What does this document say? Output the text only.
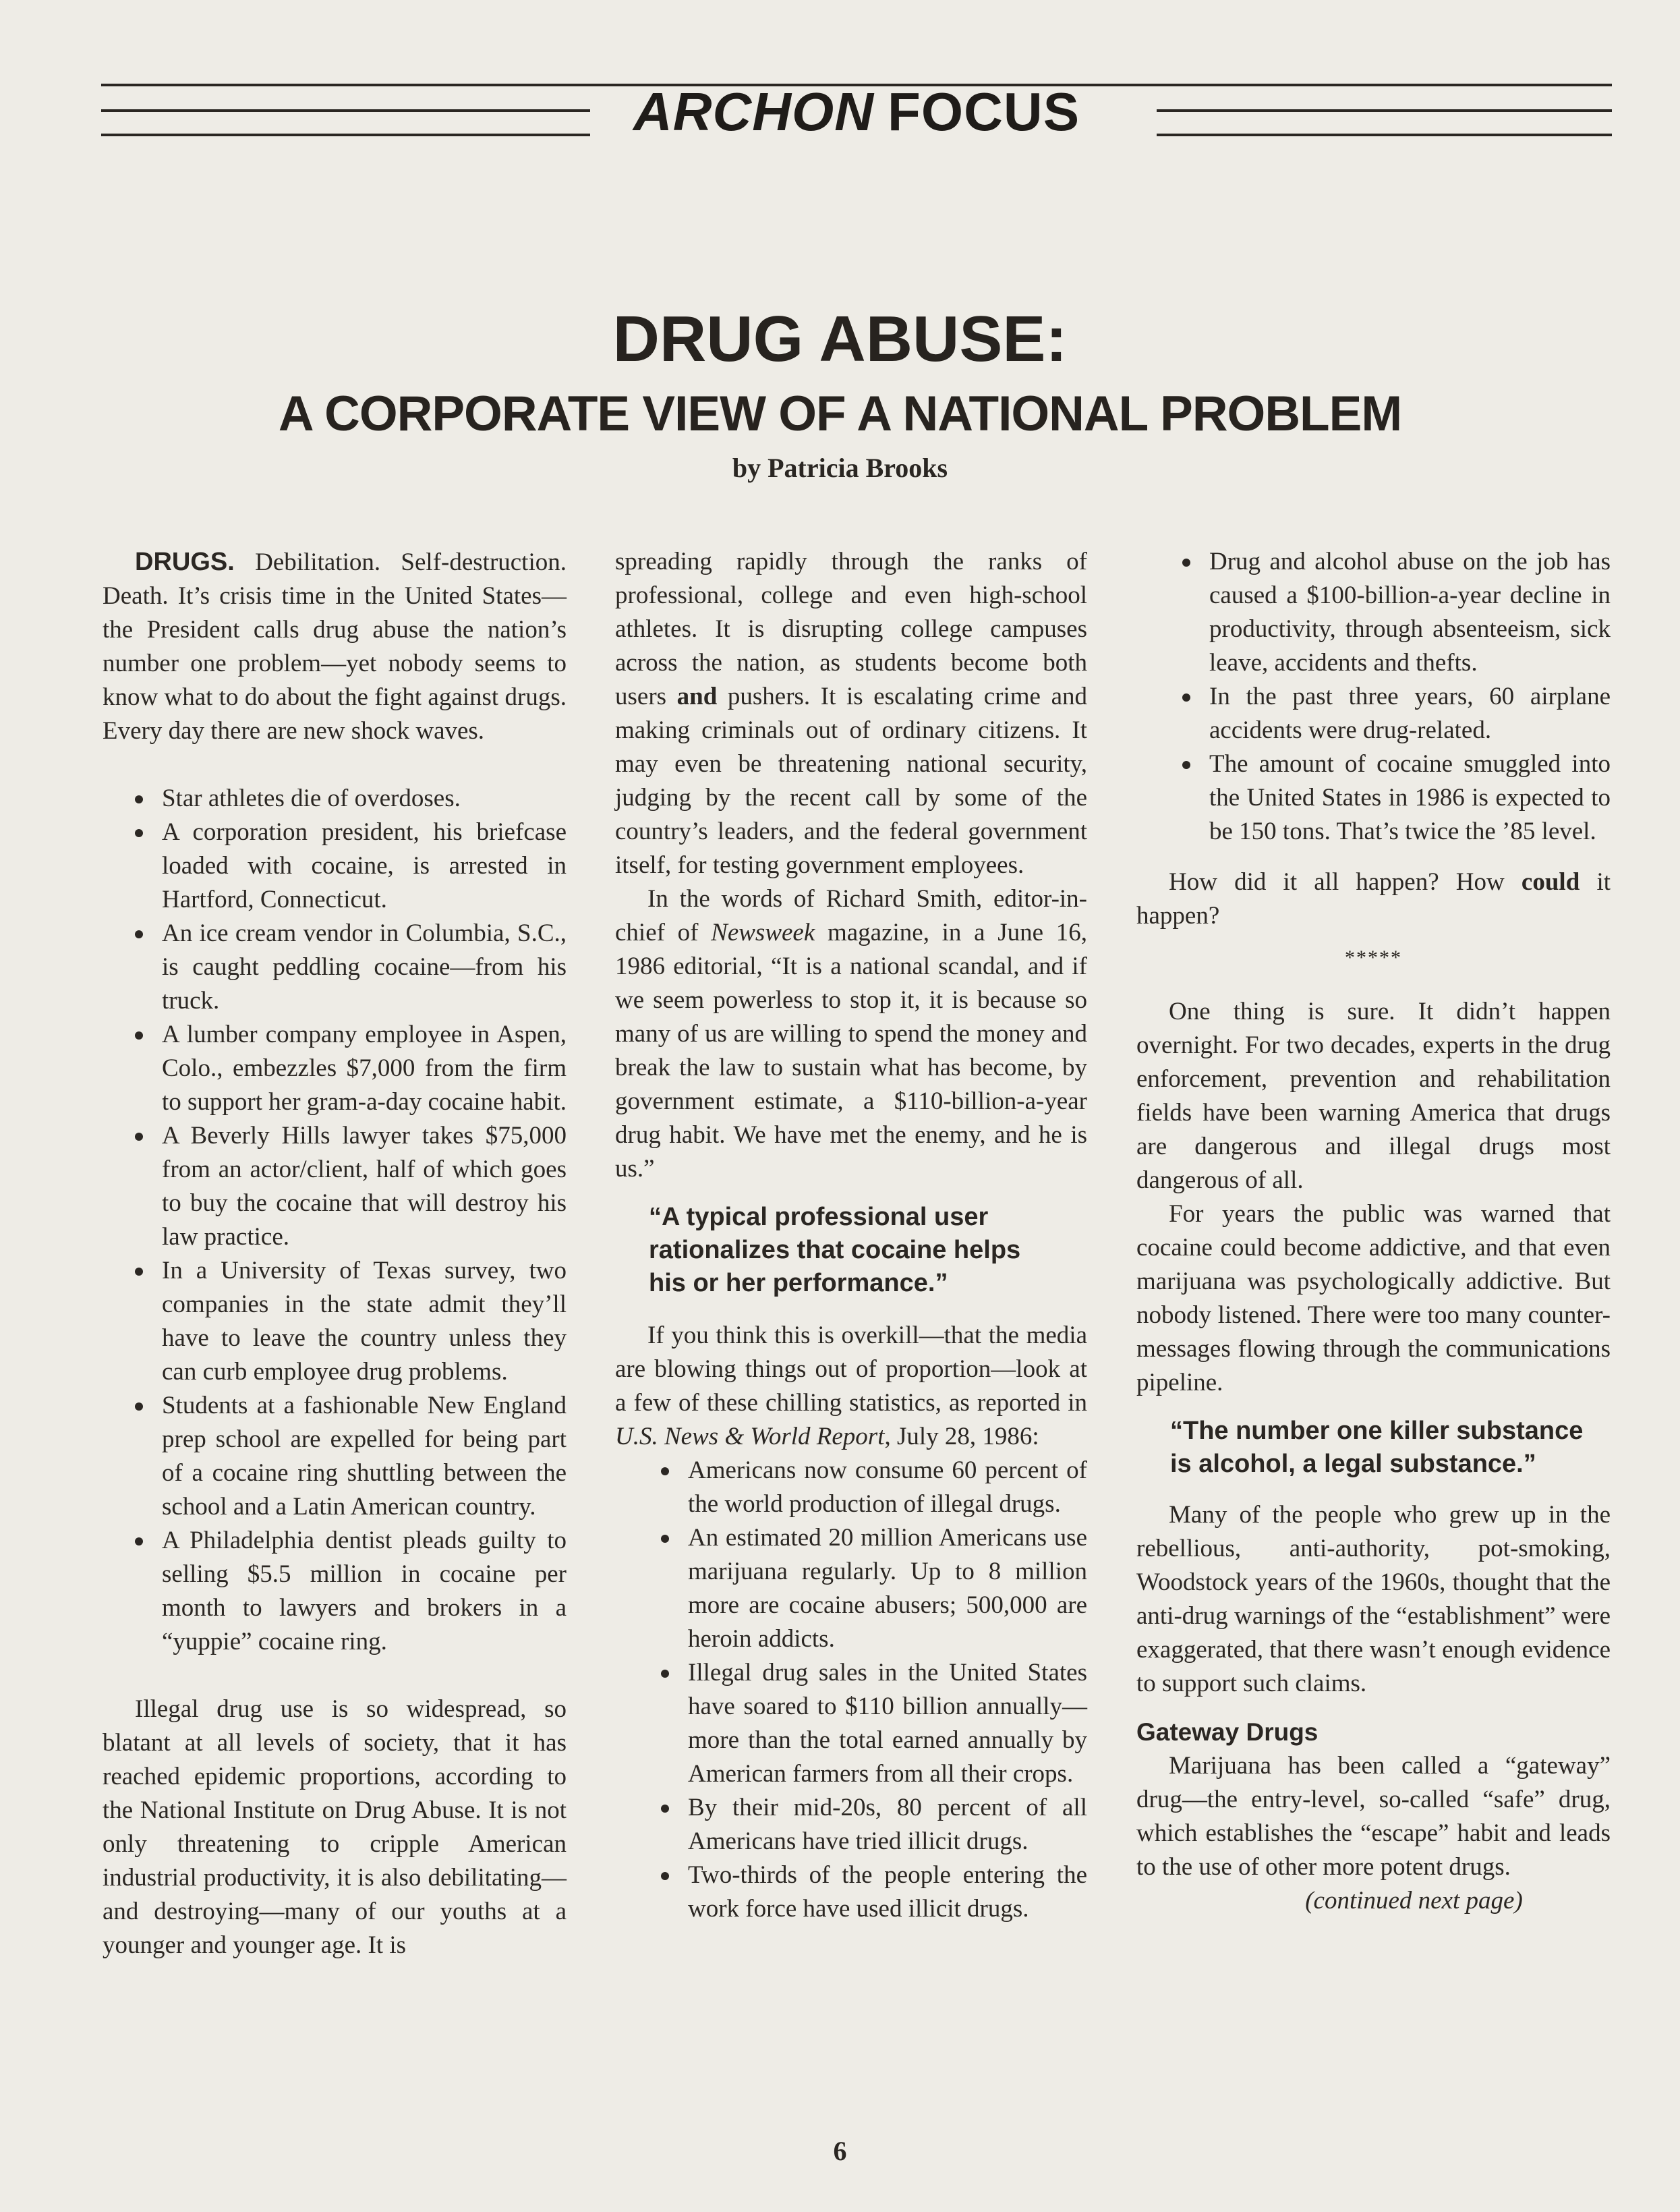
ARCHON FOCUS
DRUG ABUSE:
A CORPORATE VIEW OF A NATIONAL PROBLEM
by Patricia Brooks

DRUGS. Debilitation. Self-destruction. Death. It’s crisis time in the United States—the President calls drug abuse the nation’s number one problem—yet nobody seems to know what to do about the fight against drugs. Every day there are new shock waves.

Star athletes die of overdoses.
A corporation president, his briefcase loaded with cocaine, is arrested in Hartford, Connecticut.
An ice cream vendor in Columbia, S.C., is caught peddling cocaine—from his truck.
A lumber company employee in Aspen, Colo., embezzles $7,000 from the firm to support her gram-a-day cocaine habit.
A Beverly Hills lawyer takes $75,000 from an actor/client, half of which goes to buy the cocaine that will destroy his law practice.
In a University of Texas survey, two companies in the state admit they’ll have to leave the country unless they can curb employee drug problems.
Students at a fashionable New England prep school are expelled for being part of a cocaine ring shuttling between the school and a Latin American country.
A Philadelphia dentist pleads guilty to selling $5.5 million in cocaine per month to lawyers and brokers in a “yuppie” cocaine ring.

Illegal drug use is so widespread, so blatant at all levels of society, that it has reached epidemic proportions, according to the National Institute on Drug Abuse. It is not only threatening to cripple American industrial productivity, it is also debilitating—and destroying—many of our youths at a younger and younger age. It is

spreading rapidly through the ranks of professional, college and even high-school athletes. It is disrupting college campuses across the nation, as students become both users and pushers. It is escalating crime and making criminals out of ordinary citizens. It may even be threatening national security, judging by the recent call by some of the country’s leaders, and the federal government itself, for testing government employees.

In the words of Richard Smith, editor-in-chief of Newsweek magazine, in a June 16, 1986 editorial, “It is a national scandal, and if we seem powerless to stop it, it is because so many of us are willing to spend the money and break the law to sustain what has become, by government estimate, a $110-billion-a-year drug habit. We have met the enemy, and he is us.”

“A typical professional user rationalizes that cocaine helps his or her performance.”

If you think this is overkill—that the media are blowing things out of proportion—look at a few of these chilling statistics, as reported in U.S. News & World Report, July 28, 1986:

Americans now consume 60 percent of the world production of illegal drugs.
An estimated 20 million Americans use marijuana regularly. Up to 8 million more are cocaine abusers; 500,000 are heroin addicts.
Illegal drug sales in the United States have soared to $110 billion annually—more than the total earned annually by American farmers from all their crops.
By their mid-20s, 80 percent of all Americans have tried illicit drugs.
Two-thirds of the people entering the work force have used illicit drugs.
Drug and alcohol abuse on the job has caused a $100-billion-a-year decline in productivity, through absenteeism, sick leave, accidents and thefts.
In the past three years, 60 airplane accidents were drug-related.
The amount of cocaine smuggled into the United States in 1986 is expected to be 150 tons. That’s twice the ’85 level.

How did it all happen? How could it happen?

*****

One thing is sure. It didn’t happen overnight. For two decades, experts in the drug enforcement, prevention and rehabilitation fields have been warning America that drugs are dangerous and illegal drugs most dangerous of all.

For years the public was warned that cocaine could become addictive, and that even marijuana was psychologically addictive. But nobody listened. There were too many counter-messages flowing through the communications pipeline.

“The number one killer substance is alcohol, a legal substance.”

Many of the people who grew up in the rebellious, anti-authority, pot-smoking, Woodstock years of the 1960s, thought that the anti-drug warnings of the “establishment” were exaggerated, that there wasn’t enough evidence to support such claims.

Gateway Drugs

Marijuana has been called a “gateway” drug—the entry-level, so-called “safe” drug, which establishes the “escape” habit and leads to the use of other more potent drugs.

(continued next page)
6
